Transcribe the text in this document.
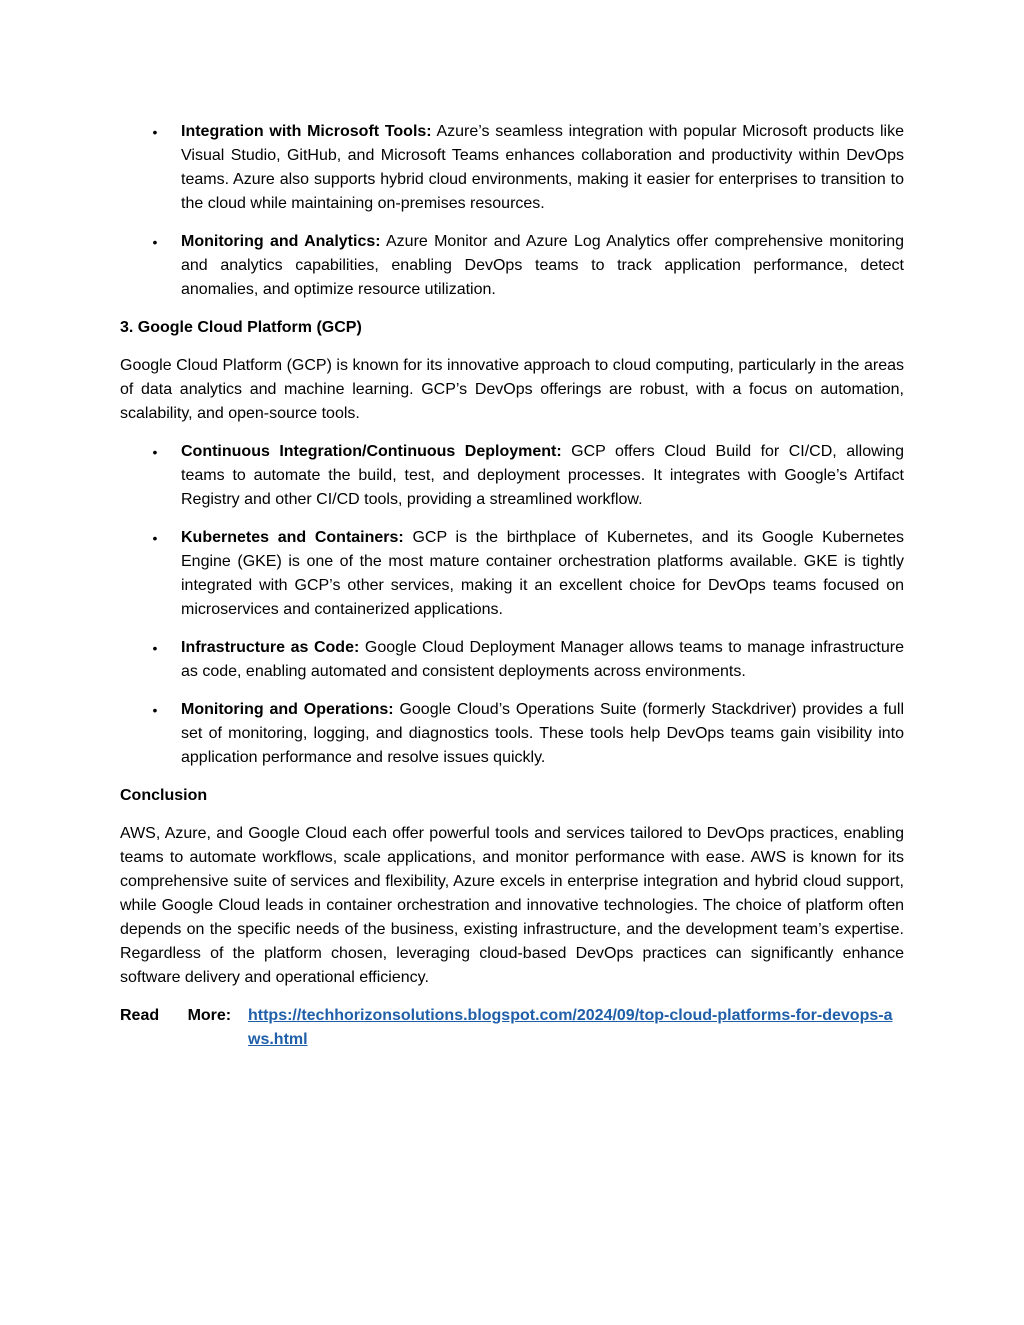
• Integration with Microsoft Tools: Azure’s seamless integration with popular Microsoft products like Visual Studio, GitHub, and Microsoft Teams enhances collaboration and productivity within DevOps teams. Azure also supports hybrid cloud environments, making it easier for enterprises to transition to the cloud while maintaining on-premises resources.
• Monitoring and Analytics: Azure Monitor and Azure Log Analytics offer comprehensive monitoring and analytics capabilities, enabling DevOps teams to track application performance, detect anomalies, and optimize resource utilization.
3. Google Cloud Platform (GCP)

Google Cloud Platform (GCP) is known for its innovative approach to cloud computing, particularly in the areas of data analytics and machine learning. GCP’s DevOps offerings are robust, with a focus on automation, scalability, and open-source tools.

• Continuous Integration/Continuous Deployment: GCP offers Cloud Build for CI/CD, allowing teams to automate the build, test, and deployment processes. It integrates with Google’s Artifact Registry and other CI/CD tools, providing a streamlined workflow.
• Kubernetes and Containers: GCP is the birthplace of Kubernetes, and its Google Kubernetes Engine (GKE) is one of the most mature container orchestration platforms available. GKE is tightly integrated with GCP’s other services, making it an excellent choice for DevOps teams focused on microservices and containerized applications.
• Infrastructure as Code: Google Cloud Deployment Manager allows teams to manage infrastructure as code, enabling automated and consistent deployments across environments.
• Monitoring and Operations: Google Cloud’s Operations Suite (formerly Stackdriver) provides a full set of monitoring, logging, and diagnostics tools. These tools help DevOps teams gain visibility into application performance and resolve issues quickly.
Conclusion

AWS, Azure, and Google Cloud each offer powerful tools and services tailored to DevOps practices, enabling teams to automate workflows, scale applications, and monitor performance with ease. AWS is known for its comprehensive suite of services and flexibility, Azure excels in enterprise integration and hybrid cloud support, while Google Cloud leads in container orchestration and innovative technologies. The choice of platform often depends on the specific needs of the business, existing infrastructure, and the development team’s expertise. Regardless of the platform chosen, leveraging cloud-based DevOps practices can significantly enhance software delivery and operational efficiency.

Read More:	https://techhorizonsolutions.blogspot.com/2024/09/top-cloud-platforms-for-devops-aws.html
